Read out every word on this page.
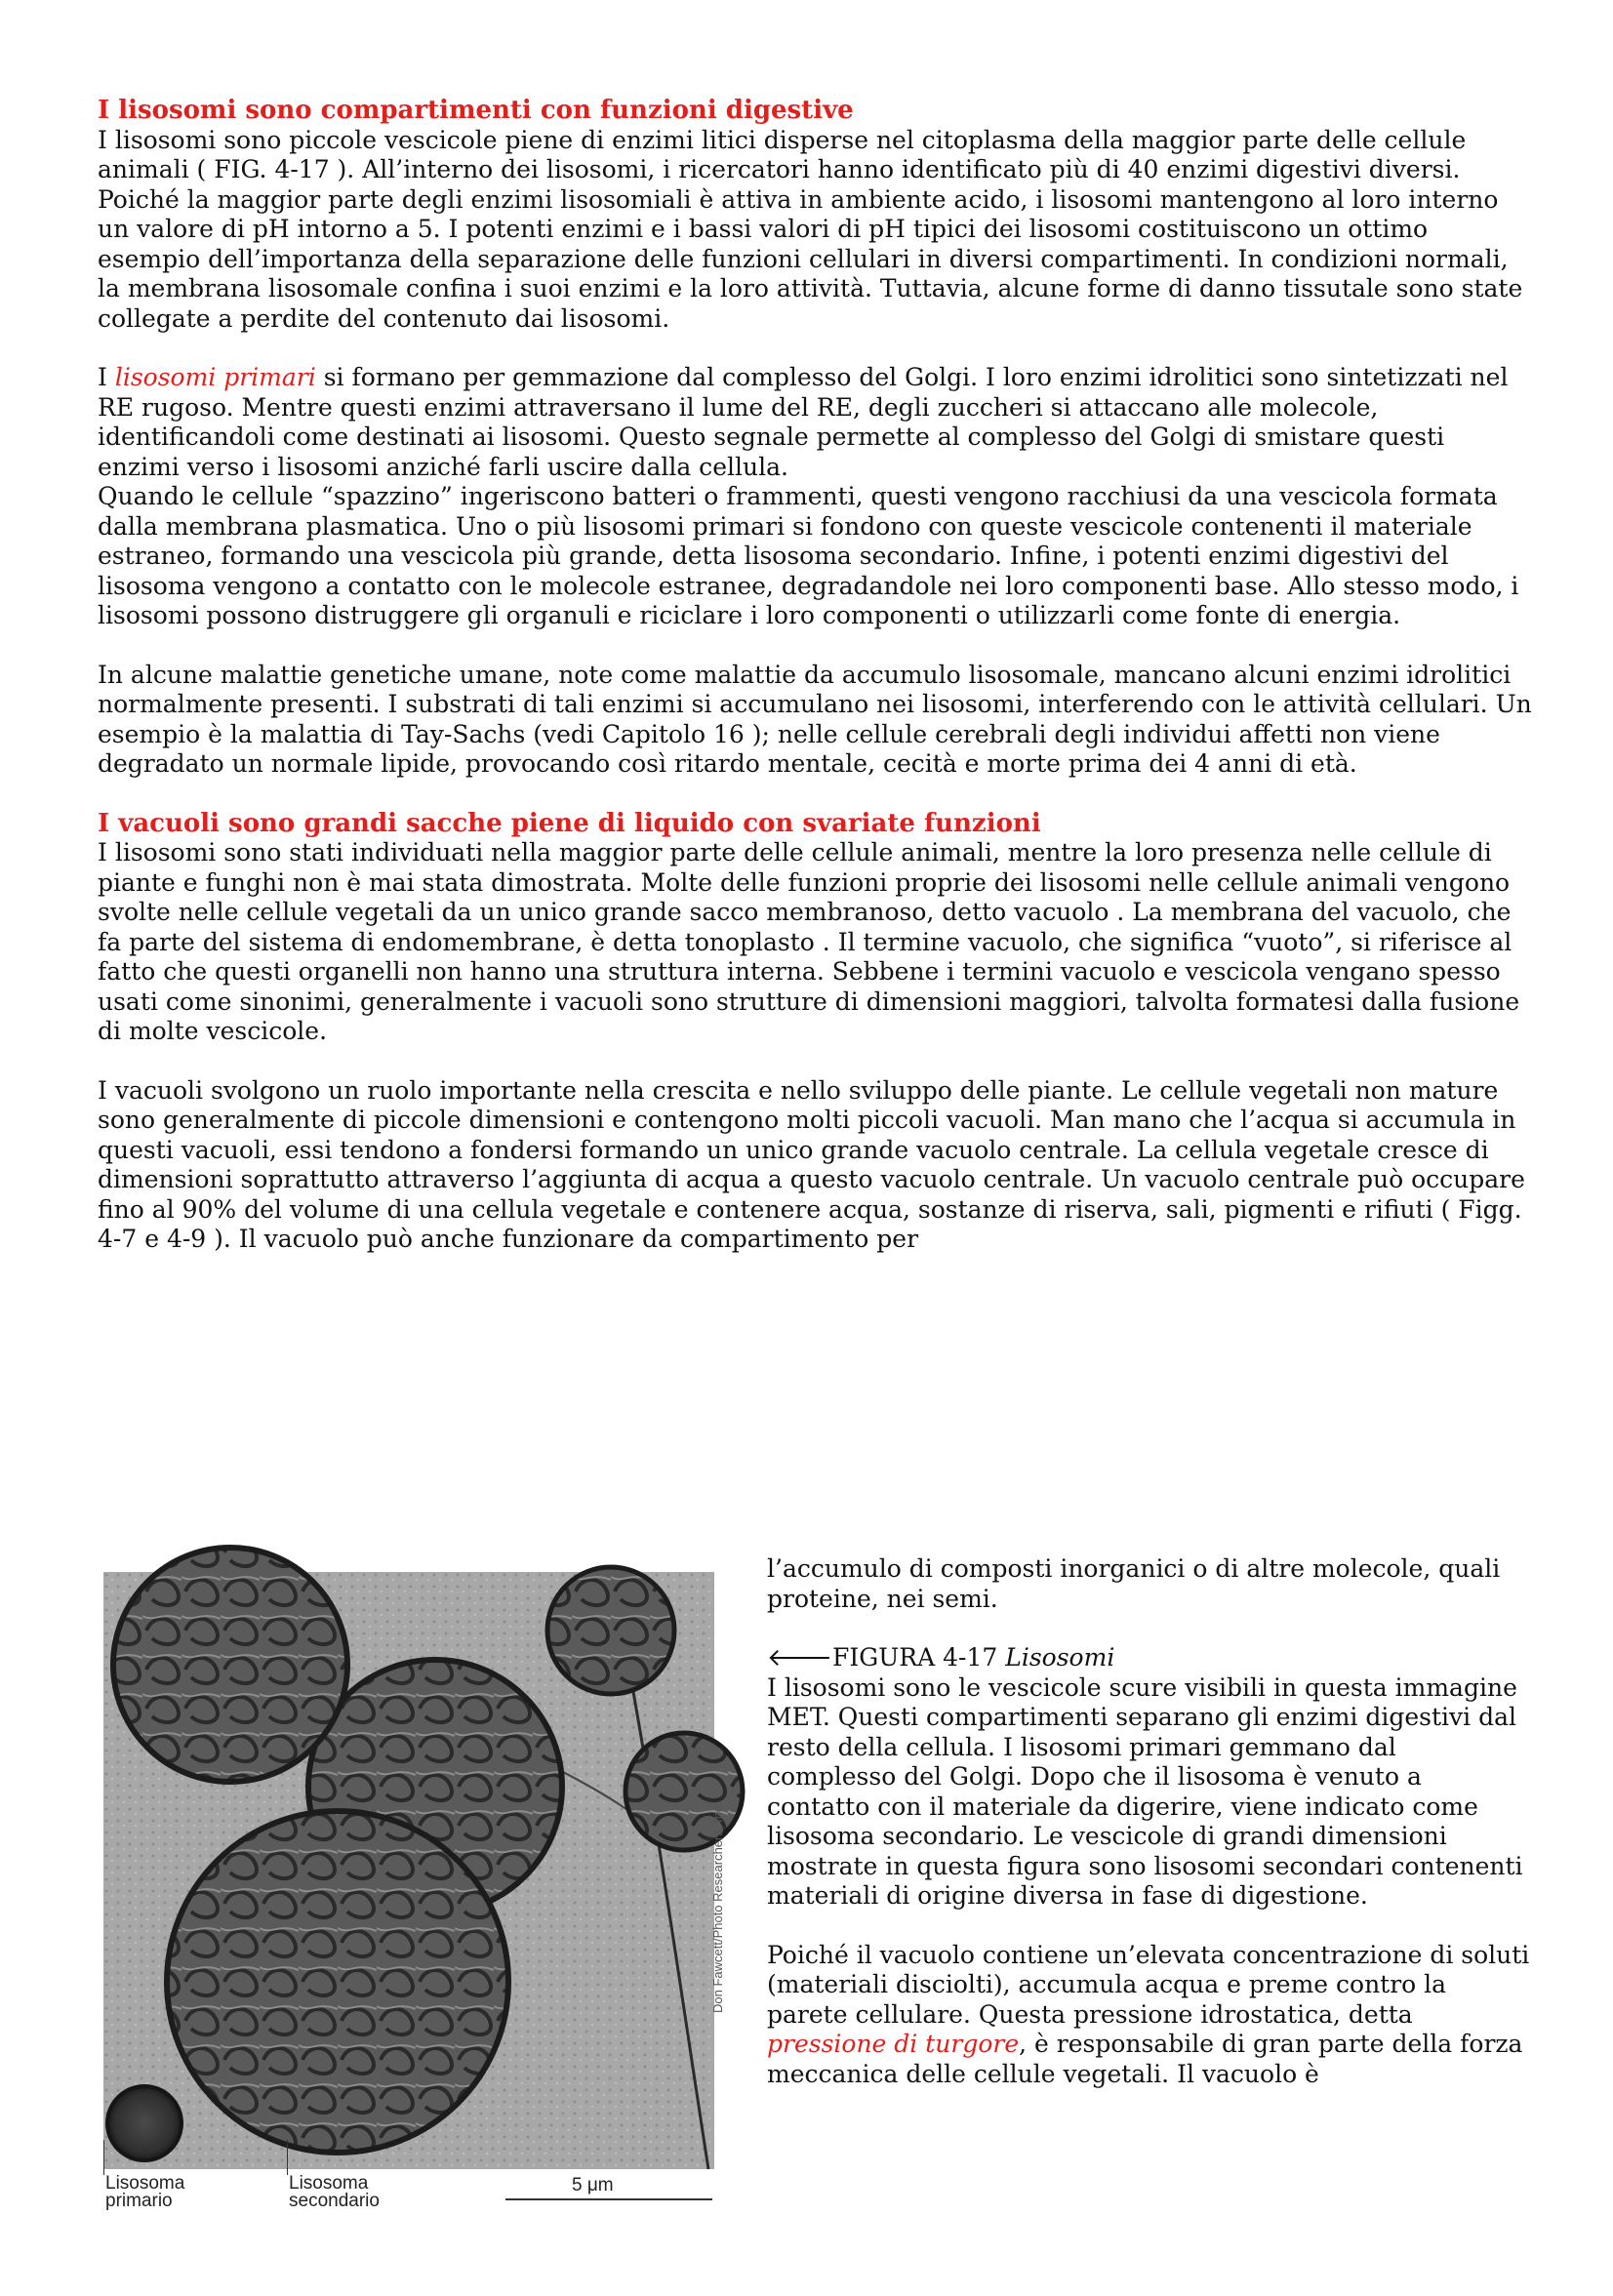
I lisosomi sono compartimenti con funzioni digestive

I lisosomi sono piccole vescicole piene di enzimi litici disperse nel citoplasma della maggior parte delle cellule animali ( FIG. 4-17 ). All’interno dei lisosomi, i ricercatori hanno identificato più di 40 enzimi digestivi diversi.

Poiché la maggior parte degli enzimi lisosomiali è attiva in ambiente acido, i lisosomi mantengono al loro interno un valore di pH intorno a 5. I potenti enzimi e i bassi valori di pH tipici dei lisosomi costituiscono un ottimo esempio dell’importanza della separazione delle funzioni cellulari in diversi compartimenti. In condizioni normali, la membrana lisosomale confina i suoi enzimi e la loro attività. Tuttavia, alcune forme di danno tissutale sono state collegate a perdite del contenuto dai lisosomi.

I lisosomi primari si formano per gemmazione dal complesso del Golgi. I loro enzimi idrolitici sono sintetizzati nel RE rugoso. Mentre questi enzimi attraversano il lume del RE, degli zuccheri si attaccano alle molecole, identificandoli come destinati ai lisosomi. Questo segnale permette al complesso del Golgi di smistare questi enzimi verso i lisosomi anziché farli uscire dalla cellula.

Quando le cellule “spazzino” ingeriscono batteri o frammenti, questi vengono racchiusi da una vescicola formata dalla membrana plasmatica. Uno o più lisosomi primari si fondono con queste vescicole contenenti il materiale estraneo, formando una vescicola più grande, detta lisosoma secondario. Infine, i potenti enzimi digestivi del lisosoma vengono a contatto con le molecole estranee, degradandole nei loro componenti base. Allo stesso modo, i lisosomi possono distruggere gli organuli e riciclare i loro componenti o utilizzarli come fonte di energia.

In alcune malattie genetiche umane, note come malattie da accumulo lisosomale, mancano alcuni enzimi idrolitici normalmente presenti. I substrati di tali enzimi si accumulano nei lisosomi, interferendo con le attività cellulari. Un esempio è la malattia di Tay-Sachs (vedi Capitolo 16 ); nelle cellule cerebrali degli individui affetti non viene degradato un normale lipide, provocando così ritardo mentale, cecità e morte prima dei 4 anni di età.

I vacuoli sono grandi sacche piene di liquido con svariate funzioni

I lisosomi sono stati individuati nella maggior parte delle cellule animali, mentre la loro presenza nelle cellule di piante e funghi non è mai stata dimostrata. Molte delle funzioni proprie dei lisosomi nelle cellule animali vengono svolte nelle cellule vegetali da un unico grande sacco membranoso, detto vacuolo . La membrana del vacuolo, che fa parte del sistema di endomembrane, è detta tonoplasto . Il termine vacuolo, che significa “vuoto”, si riferisce al fatto che questi organelli non hanno una struttura interna. Sebbene i termini vacuolo e vescicola vengano spesso usati come sinonimi, generalmente i vacuoli sono strutture di dimensioni maggiori, talvolta formatesi dalla fusione di molte vescicole.

I vacuoli svolgono un ruolo importante nella crescita e nello sviluppo delle piante. Le cellule vegetali non mature sono generalmente di piccole dimensioni e contengono molti piccoli vacuoli. Man mano che l’acqua si accumula in questi vacuoli, essi tendono a fondersi formando un unico grande vacuolo centrale. La cellula vegetale cresce di dimensioni soprattutto attraverso l’aggiunta di acqua a questo vacuolo centrale. Un vacuolo centrale può occupare fino al 90% del volume di una cellula vegetale e contenere acqua, sostanze di riserva, sali, pigmenti e rifiuti ( Figg. 4-7 e 4-9 ). Il vacuolo può anche funzionare da compartimento per

Don Fawcett/Photo Researchers, Inc.
Lisosoma primario
Lisosoma secondario
5 μm

l’accumulo di composti inorganici o di altre molecole, quali proteine, nei semi.

🡐FIGURA 4-17 Lisosomi

I lisosomi sono le vescicole scure visibili in questa immagine MET. Questi compartimenti separano gli enzimi digestivi dal resto della cellula. I lisosomi primari gemmano dal complesso del Golgi. Dopo che il lisosoma è venuto a contatto con il materiale da digerire, viene indicato come lisosoma secondario. Le vescicole di grandi dimensioni mostrate in questa figura sono lisosomi secondari contenenti materiali di origine diversa in fase di digestione.

Poiché il vacuolo contiene un’elevata concentrazione di soluti (materiali disciolti), accumula acqua e preme contro la parete cellulare. Questa pressione idrostatica, detta pressione di turgore, è responsabile di gran parte della forza meccanica delle cellule vegetali. Il vacuolo è
